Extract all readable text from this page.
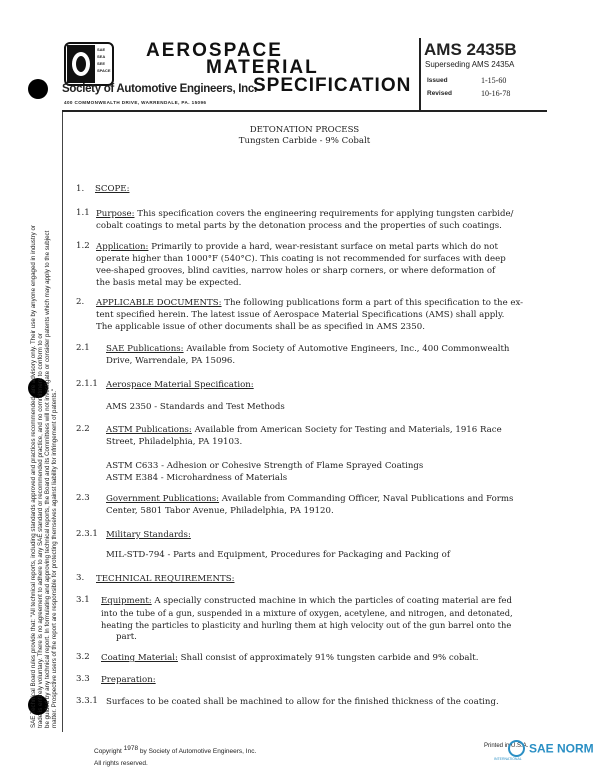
SAE
SEA
SEE
SPACE
AEROSPACE
MATERIAL
SPECIFICATION
Society of Automotive Engineers, Inc.
400 COMMONWEALTH DRIVE, WARRENDALE, PA. 15096
AMS 2435B
Superseding AMS 2435A
Issued	1-15-60
Revised	10-16-78
SAE Technical Board rules provide that: "All technical reports, including standards approved and practices recommended, are advisory only. Their use by anyone engaged in industry or trade is entirely voluntary. There is no agreement to adhere to any SAE standard or recommended practice, and no commitment to conform to or be guided by any technical report. In formulating and approving technical reports, the Board and its Committees will not investigate or consider patents which may apply to the subject matter. Prospective users of the report are responsible for protecting themselves against liability for infringement of patents."
DETONATION PROCESS
Tungsten Carbide - 9% Cobalt
1. SCOPE:
1.1 Purpose: This specification covers the engineering requirements for applying tungsten carbide/
cobalt coatings to metal parts by the detonation process and the properties of such coatings.
1.2 Application: Primarily to provide a hard, wear-resistant surface on metal parts which do not
operate higher than 1000°F (540°C). This coating is not recommended for surfaces with deep
vee-shaped grooves, blind cavities, narrow holes or sharp corners, or where deformation of
the basis metal may be expected.
2. APPLICABLE DOCUMENTS: The following publications form a part of this specification to the ex-
tent specified herein. The latest issue of Aerospace Material Specifications (AMS) shall apply.
The applicable issue of other documents shall be as specified in AMS 2350.
2.1 SAE Publications: Available from Society of Automotive Engineers, Inc., 400 Commonwealth
Drive, Warrendale, PA 15096.
2.1.1 Aerospace Material Specification:
AMS 2350 - Standards and Test Methods
2.2 ASTM Publications: Available from American Society for Testing and Materials, 1916 Race
Street, Philadelphia, PA 19103.
ASTM C633 - Adhesion or Cohesive Strength of Flame Sprayed Coatings
ASTM E384 - Microhardness of Materials
2.3 Government Publications: Available from Commanding Officer, Naval Publications and Forms
Center, 5801 Tabor Avenue, Philadelphia, PA 19120.
2.3.1 Military Standards:
MIL-STD-794 - Parts and Equipment, Procedures for Packaging and Packing of
3. TECHNICAL REQUIREMENTS:
3.1 Equipment: A specially constructed machine in which the particles of coating material are fed
into the tube of a gun, suspended in a mixture of oxygen, acetylene, and nitrogen, and detonated,
heating the particles to plasticity and hurling them at high velocity out of the gun barrel onto the
part.
3.2 Coating Material: Shall consist of approximately 91% tungsten carbide and 9% cobalt.
3.3 Preparation:
3.3.1 Surfaces to be coated shall be machined to allow for the finished thickness of the coating.
Copyright 1978 by Society of Automotive Engineers, Inc.
All rights reserved.
Printed in U.S.A. SAE NORM
INTERNATIONAL
